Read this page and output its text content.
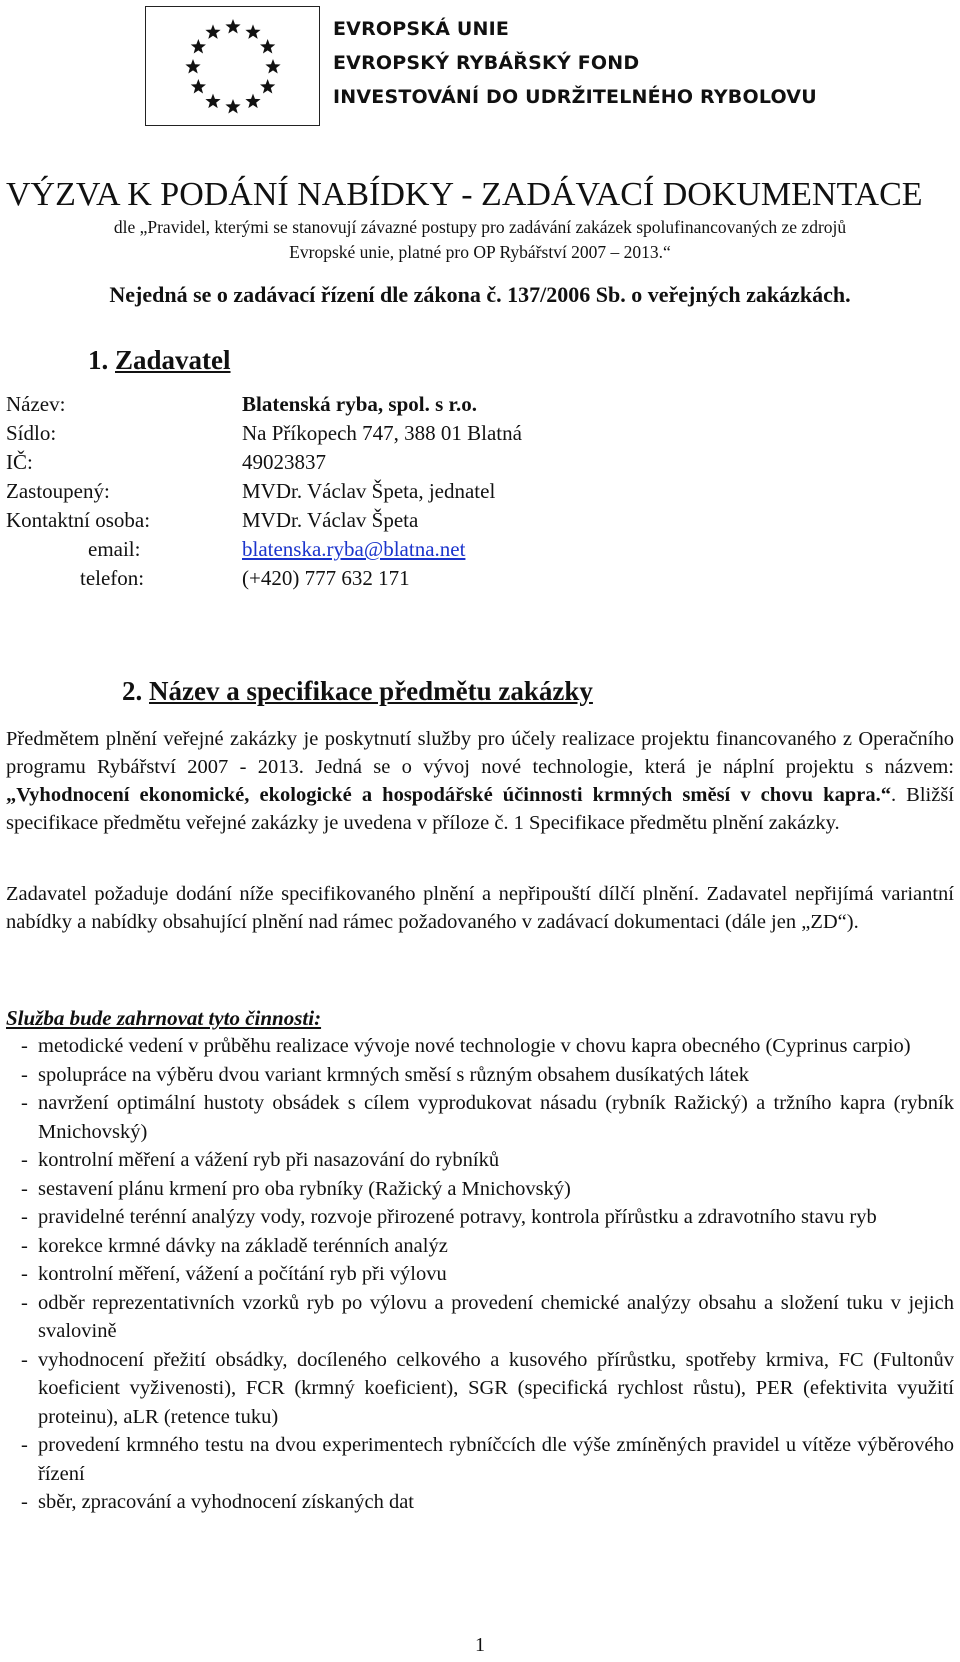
EVROPSKÁ UNIE
EVROPSKÝ RYBÁŘSKÝ FOND
INVESTOVÁNÍ DO UDRŽITELNÉHO RYBOLOVU
VÝZVA K PODÁNÍ NABÍDKY - ZADÁVACÍ DOKUMENTACE
dle „Pravidel, kterými se stanovují závazné postupy pro zadávání zakázek spolufinancovaných ze zdrojů
Evropské unie, platné pro OP Rybářství 2007 – 2013.“
Nejedná se o zadávací řízení dle zákona č. 137/2006 Sb. o veřejných zakázkách.
1. Zadavatel
Název:	Blatenská ryba, spol. s r.o.
Sídlo:	Na Příkopech 747, 388 01 Blatná
IČ:	49023837
Zastoupený:	MVDr. Václav Špeta, jednatel
Kontaktní osoba:	MVDr. Václav Špeta
email:	blatenska.ryba@blatna.net
telefon:	(+420) 777 632 171
2. Název a specifikace předmětu zakázky

Předmětem plnění veřejné zakázky je poskytnutí služby pro účely realizace projektu financovaného z Operačního programu Rybářství 2007 - 2013. Jedná se o vývoj nové technologie, která je náplní projektu s názvem: „Vyhodnocení ekonomické, ekologické a hospodářské účinnosti krmných směsí v chovu kapra.“. Bližší specifikace předmětu veřejné zakázky je uvedena v příloze č. 1 Specifikace předmětu plnění zakázky.

Zadavatel požaduje dodání níže specifikovaného plnění a nepřipouští dílčí plnění. Zadavatel nepřijímá variantní nabídky a nabídky obsahující plnění nad rámec požadovaného v zadávací dokumentaci (dále jen „ZD“).

Služba bude zahrnovat tyto činnosti:
- metodické vedení v průběhu realizace vývoje nové technologie v chovu kapra obecného (Cyprinus carpio)
- spolupráce na výběru dvou variant krmných směsí s různým obsahem dusíkatých látek
- navržení optimální hustoty obsádek s cílem vyprodukovat násadu (rybník Ražický) a tržního kapra (rybník Mnichovský)
- kontrolní měření a vážení ryb při nasazování do rybníků
- sestavení plánu krmení pro oba rybníky (Ražický a Mnichovský)
- pravidelné terénní analýzy vody, rozvoje přirozené potravy, kontrola přírůstku a zdravotního stavu ryb
- korekce krmné dávky na základě terénních analýz
- kontrolní měření, vážení a počítání ryb při výlovu
- odběr reprezentativních vzorků ryb po výlovu a provedení chemické analýzy obsahu a složení tuku v jejich svalovině
- vyhodnocení přežití obsádky, docíleného celkového a kusového přírůstku, spotřeby krmiva, FC (Fultonův koeficient vyživenosti), FCR (krmný koeficient), SGR (specifická rychlost růstu), PER (efektivita využití proteinu), aLR (retence tuku)
- provedení krmného testu na dvou experimentech rybníčcích dle výše zmíněných pravidel u vítěze výběrového řízení
- sběr, zpracování a vyhodnocení získaných dat
1
